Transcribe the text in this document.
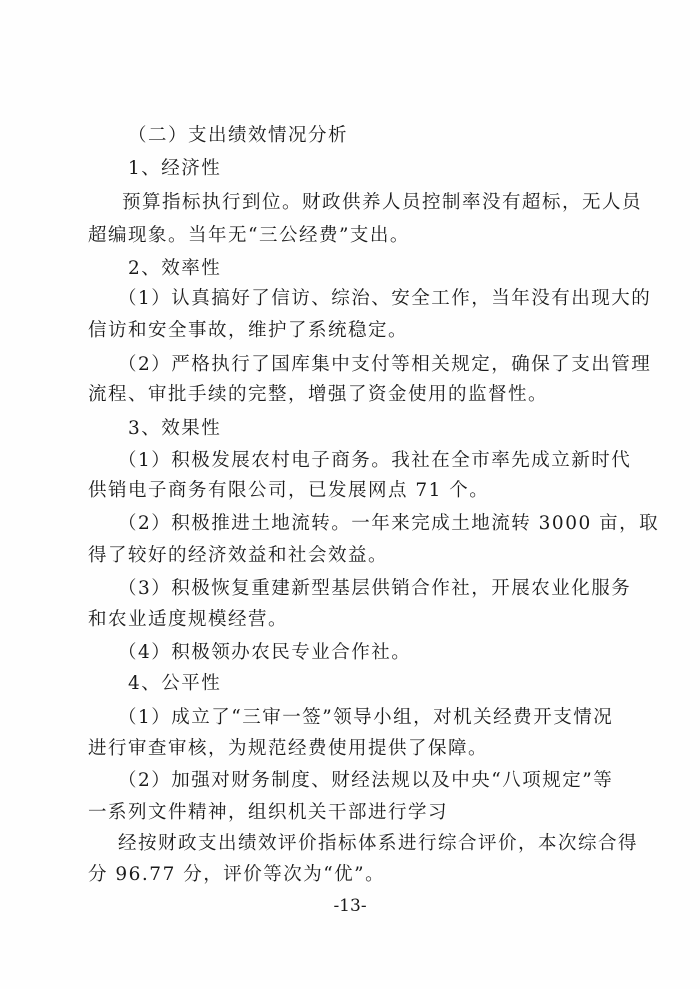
（二）支出绩效情况分析
1、经济性
预算指标执行到位。财政供养人员控制率没有超标，无人员
超编现象。当年无“三公经费”支出。
2、效率性
（1）认真搞好了信访、综治、安全工作，当年没有出现大的
信访和安全事故，维护了系统稳定。
（2）严格执行了国库集中支付等相关规定，确保了支出管理
流程、审批手续的完整，增强了资金使用的监督性。
3、效果性
（1）积极发展农村电子商务。我社在全市率先成立新时代
供销电子商务有限公司，已发展网点 71 个。
（2）积极推进土地流转。一年来完成土地流转 3000 亩，取
得了较好的经济效益和社会效益。
（3）积极恢复重建新型基层供销合作社，开展农业化服务
和农业适度规模经营。
（4）积极领办农民专业合作社。
4、公平性
（1）成立了“三审一签”领导小组，对机关经费开支情况
进行审查审核，为规范经费使用提供了保障。
（2）加强对财务制度、财经法规以及中央“八项规定”等
一系列文件精神，组织机关干部进行学习
经按财政支出绩效评价指标体系进行综合评价，本次综合得
分 96.77 分，评价等次为“优”。
-13-
